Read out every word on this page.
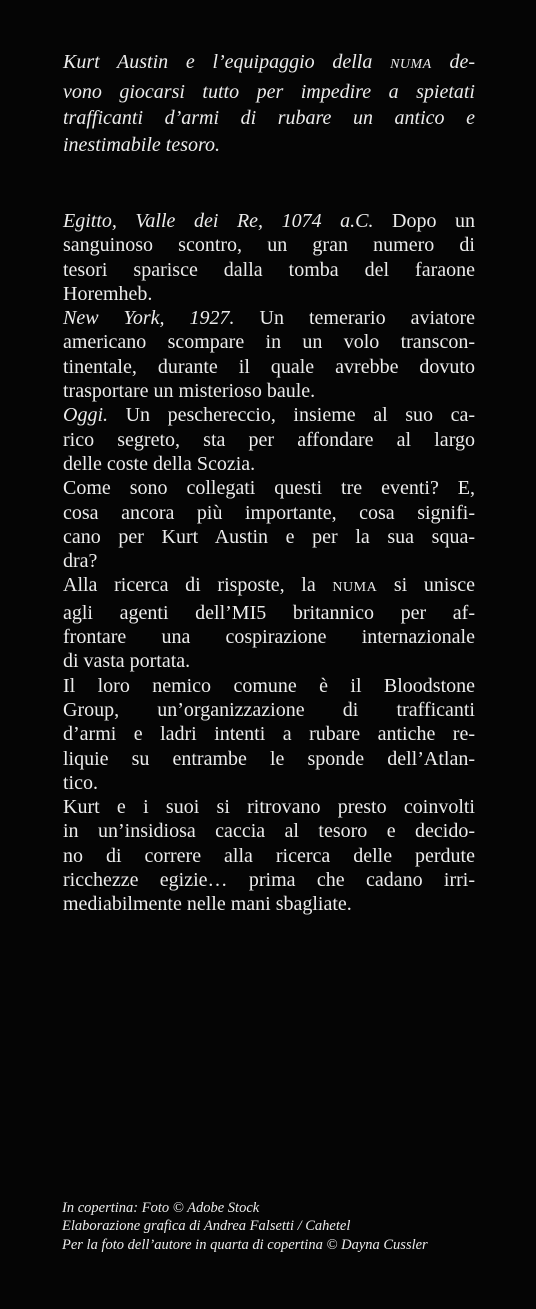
Kurt Austin e l’equipaggio della NUMA de-
vono giocarsi tutto per impedire a spietati
trafficanti d’armi di rubare un antico e
inestimabile tesoro.
Egitto, Valle dei Re, 1074 a.C. Dopo un
sanguinoso scontro, un gran numero di
tesori sparisce dalla tomba del faraone
Horemheb.
New York, 1927. Un temerario aviatore
americano scompare in un volo transcon-
tinentale, durante il quale avrebbe dovuto
trasportare un misterioso baule.
Oggi. Un peschereccio, insieme al suo ca-
rico segreto, sta per affondare al largo
delle coste della Scozia.
Come sono collegati questi tre eventi? E,
cosa ancora più importante, cosa signifi-
cano per Kurt Austin e per la sua squa-
dra?
Alla ricerca di risposte, la NUMA si unisce
agli agenti dell’MI5 britannico per af-
frontare una cospirazione internazionale
di vasta portata.
Il loro nemico comune è il Bloodstone
Group, un’organizzazione di trafficanti
d’armi e ladri intenti a rubare antiche re-
liquie su entrambe le sponde dell’Atlan-
tico.
Kurt e i suoi si ritrovano presto coinvolti
in un’insidiosa caccia al tesoro e decido-
no di correre alla ricerca delle perdute
ricchezze egizie… prima che cadano irri-
mediabilmente nelle mani sbagliate.
In copertina: Foto © Adobe Stock
Elaborazione grafica di Andrea Falsetti / Cahetel
Per la foto dell’autore in quarta di copertina © Dayna Cussler
